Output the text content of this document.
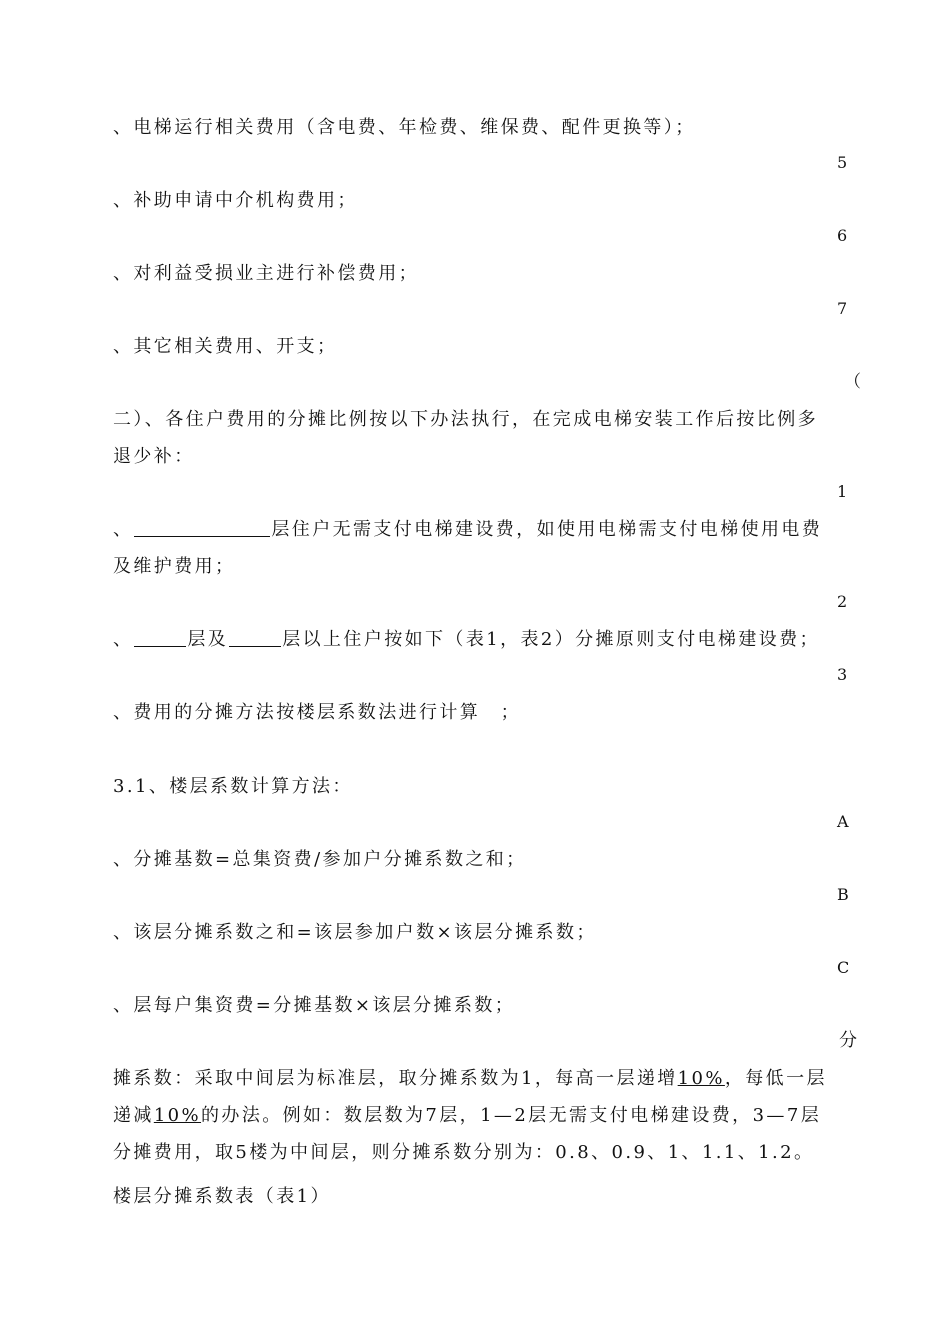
、电梯运行相关费用（含电费、年检费、维保费、配件更换等）；
5
、补助申请中介机构费用；
6
、对利益受损业主进行补偿费用；
7
、其它相关费用、开支；
（
二）、各住户费用的分摊比例按以下办法执行，在完成电梯安装工作后按比例多
退少补：
1
、	层住户无需支付电梯建设费，如使用电梯需支付电梯使用电费
及维护费用；
2
、	层及	层以上住户按如下（表1，表2）分摊原则支付电梯建设费；
3
、费用的分摊方法按楼层系数法进行计算　；
3.1、楼层系数计算方法：
A
、分摊基数=总集资费/参加户分摊系数之和；
B
、该层分摊系数之和=该层参加户数×该层分摊系数；
C
、层每户集资费=分摊基数×该层分摊系数；
分
摊系数：采取中间层为标准层，取分摊系数为1，每高一层递增10%，每低一层
递减10%的办法。例如：数层数为7层，1—2层无需支付电梯建设费，3—7层
分摊费用，取5楼为中间层，则分摊系数分别为：0.8、0.9、1、1.1、1.2。
楼层分摊系数表（表1）
